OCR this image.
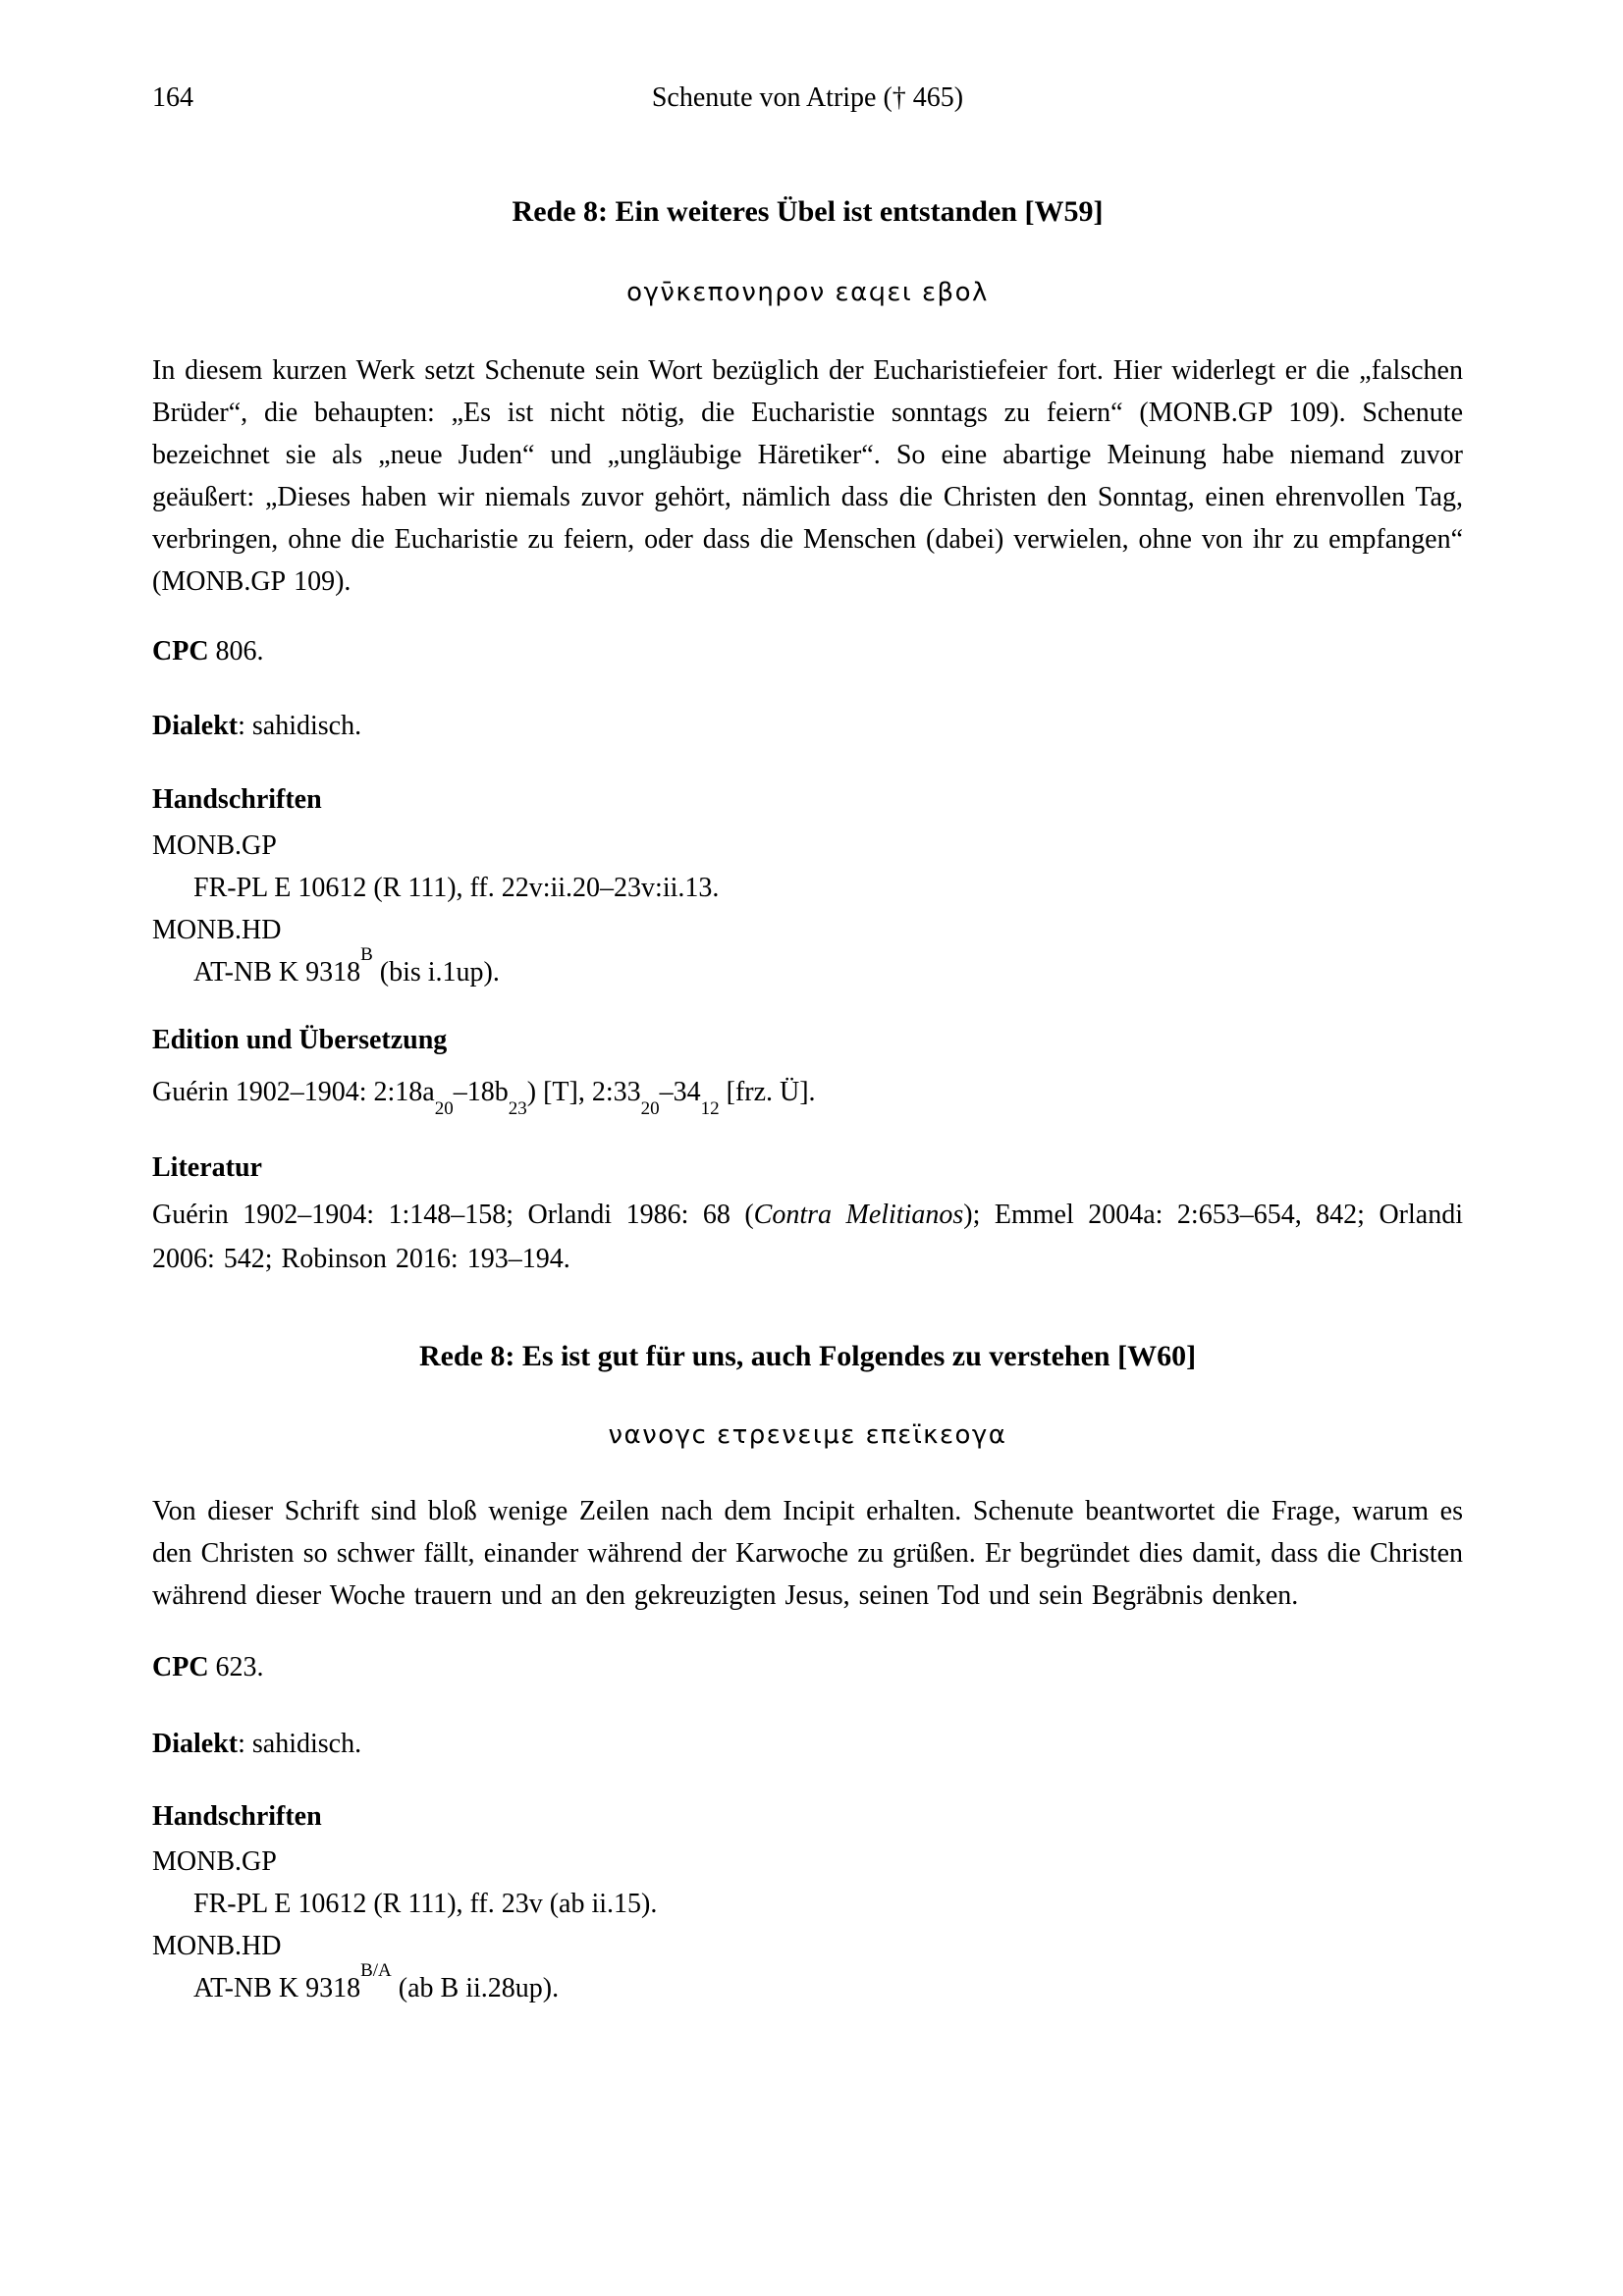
164	Schenute von Atripe († 465)
Rede 8: Ein weiteres Übel ist entstanden [W59]
ογν̄κεπονηρον εαϥει εβολ

In diesem kurzen Werk setzt Schenute sein Wort bezüglich der Eucharistiefeier fort. Hier widerlegt er die „falschen Brüder“, die behaupten: „Es ist nicht nötig, die Eucharistie sonntags zu feiern“ (MONB.GP 109). Schenute bezeichnet sie als „neue Juden“ und „ungläubige Häretiker“. So eine abartige Meinung habe niemand zuvor geäußert: „Dieses haben wir niemals zuvor gehört, nämlich dass die Christen den Sonntag, einen ehrenvollen Tag, verbringen, ohne die Eucharistie zu feiern, oder dass die Menschen (dabei) verwielen, ohne von ihr zu empfangen“ (MONB.GP 109).

CPC 806.

Dialekt: sahidisch.

Handschriften

MONB.GP

FR-PL E 10612 (R 111), ff. 22v:ii.20–23v:ii.13.

MONB.HD

AT-NB K $9318^B$ (bis i.1up).

Edition und Übersetzung

Guérin 1902–1904: $2:18a_{20}-18b_{23}$) [T], $2:33_{20}-34_{12}$ [frz. Ü].

Literatur

Guérin 1902–1904: 1:148–158; Orlandi 1986: 68 (Contra Melitianos); Emmel 2004a: 2:653–654, 842; Orlandi 2006: 542; Robinson 2016: 193–194.

Rede 8: Es ist gut für uns, auch Folgendes zu verstehen [W60]
νανογϲ ετρενειμε επεϊκεογα

Von dieser Schrift sind bloß wenige Zeilen nach dem Incipit erhalten. Schenute beantwortet die Frage, warum es den Christen so schwer fällt, einander während der Karwoche zu grüßen. Er begründet dies damit, dass die Christen während dieser Woche trauern und an den gekreuzigten Jesus, seinen Tod und sein Begräbnis denken.

CPC 623.

Dialekt: sahidisch.

Handschriften

MONB.GP

FR-PL E 10612 (R 111), ff. 23v (ab ii.15).

MONB.HD

AT-NB K $9318^{B/A}$ (ab B ii.28up).
